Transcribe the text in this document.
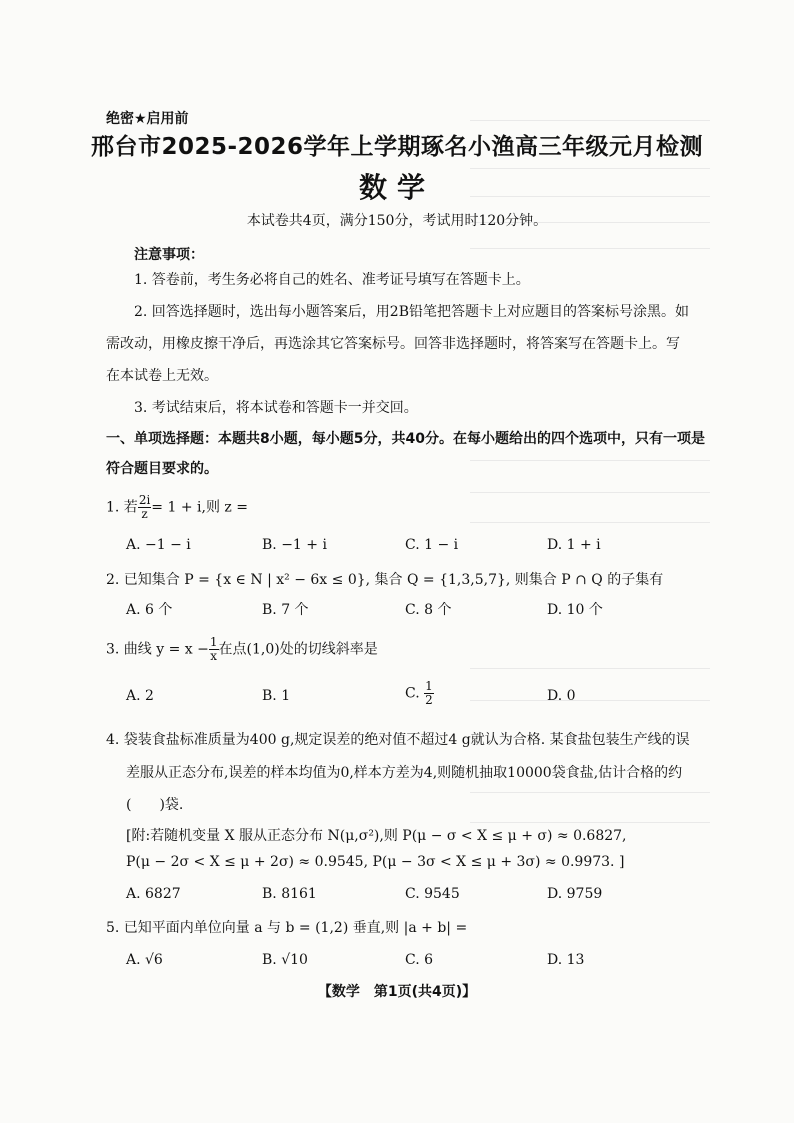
绝密★启用前
邢台市2025-2026学年上学期琢名小渔高三年级元月检测
数学
本试卷共4页，满分150分，考试用时120分钟。
注意事项：
1. 答卷前，考生务必将自己的姓名、准考证号填写在答题卡上。
2. 回答选择题时，选出每小题答案后，用2B铅笔把答题卡上对应题目的答案标号涂黑。如
需改动，用橡皮擦干净后，再选涂其它答案标号。回答非选择题时，将答案写在答题卡上。写
在本试卷上无效。
3. 考试结束后，将本试卷和答题卡一并交回。
一、单项选择题：本题共8小题，每小题5分，共40分。在每小题给出的四个选项中，只有一项是符合题目要求的。
1. 若 $\frac{2i}{z} = 1 + i$,则 z =
A. −1 − i	B. −1 + i	C. 1 − i	D. 1 + i
2. 已知集合 P = {x ∈ N | x² − 6x ≤ 0}, 集合 Q = {1,3,5,7}, 则集合 P ∩ Q 的子集有
A. 6 个	B. 7 个	C. 8 个	D. 10 个
3. 曲线 $y = x - \frac{1}{x}$ 在点(1,0)处的切线斜率是
A. 2	B. 1	C. $\frac{1}{2}$	D. 0
4. 袋装食盐标准质量为400 g,规定误差的绝对值不超过4 g就认为合格. 某食盐包装生产线的误
差服从正态分布,误差的样本均值为0,样本方差为4,则随机抽取10000袋食盐,估计合格的约
(　　)袋.
[附:若随机变量 X 服从正态分布 N(μ,σ²),则 P(μ − σ < X ≤ μ + σ) ≈ 0.6827,
P(μ − 2σ < X ≤ μ + 2σ) ≈ 0.9545, P(μ − 3σ < X ≤ μ + 3σ) ≈ 0.9973. ]
A. 6827	B. 8161	C. 9545	D. 9759
5. 已知平面内单位向量 a 与 b = (1,2) 垂直,则 |a + b| =
A. √6	B. √10	C. 6	D. 13
【数学　第1页(共4页)】
